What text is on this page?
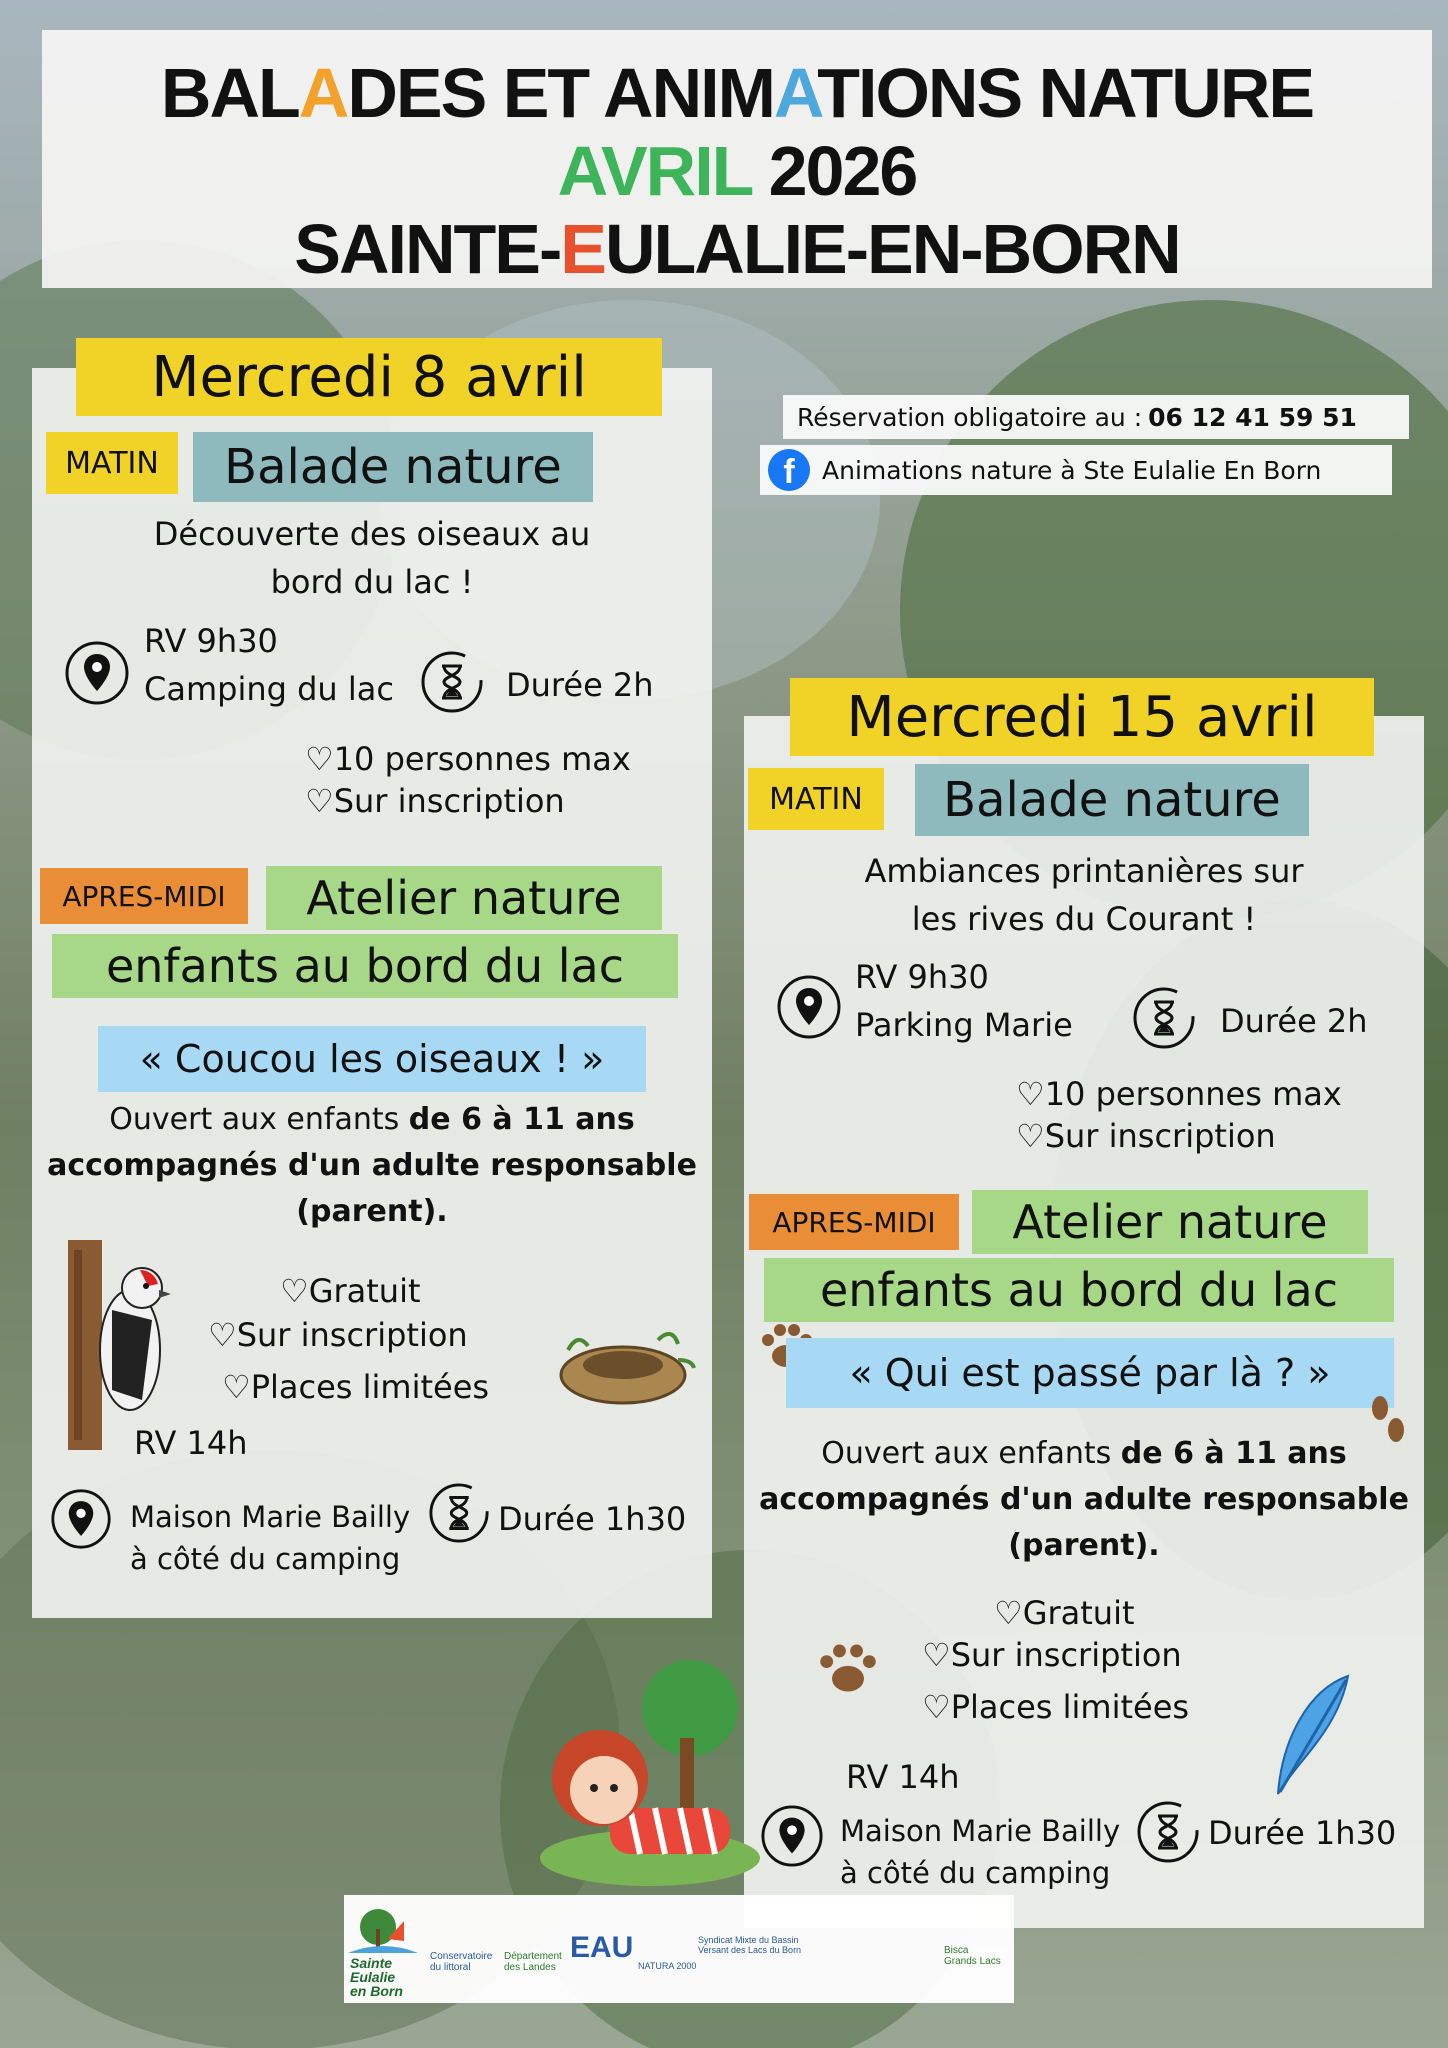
BALADES ET ANIMATIONS NATURE
AVRIL 2026
SAINTE-EULALIE-EN-BORN
Réservation obligatoire au : 06 12 41 59 51
f	Animations nature à Ste Eulalie En Born
Mercredi 8 avril
MATIN	Balade nature
Découverte des oiseaux au
bord du lac !
RV 9h30
Camping du lac	Durée 2h
♡10 personnes max
♡Sur inscription
APRES-MIDI	Atelier nature
enfants au bord du lac
« Coucou les oiseaux ! »
Ouvert aux enfants de 6 à 11 ans
accompagnés d'un adulte responsable
(parent).
♡Gratuit
♡Sur inscription
♡Places limitées
RV 14h
Maison Marie Bailly
à côté du camping
Durée 1h30
Mercredi 15 avril
MATIN	Balade nature
Ambiances printanières sur
les rives du Courant !
RV 9h30
Parking Marie	Durée 2h
♡10 personnes max
♡Sur inscription
APRES-MIDI	Atelier nature
enfants au bord du lac
« Qui est passé par là ? »
Ouvert aux enfants de 6 à 11 ans
accompagnés d'un adulte responsable
(parent).
♡Gratuit
♡Sur inscription
♡Places limitées
RV 14h
Maison Marie Bailly
à côté du camping
Durée 1h30
Sainte
Eulalie
en Born
Conservatoire du littoral
Département des Landes
EAU
NATURA 2000
Syndicat Mixte du Bassin Versant des Lacs du Born	Bisca Grands Lacs
